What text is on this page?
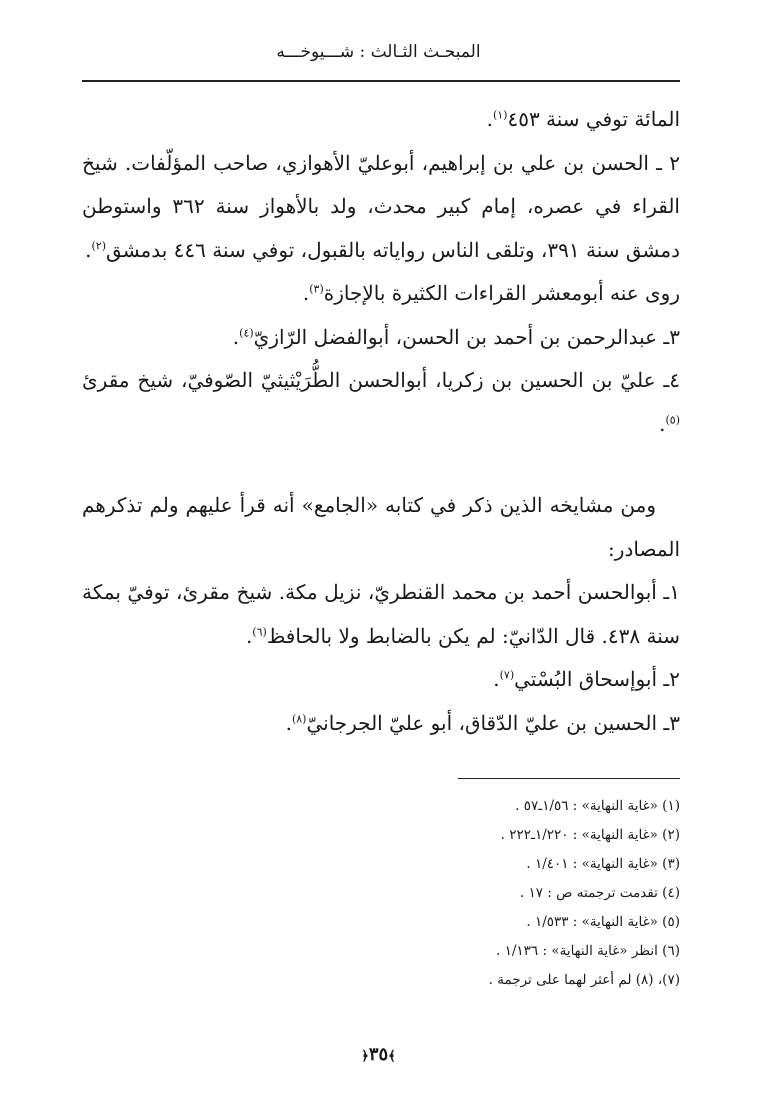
المبحـث الثـالث : شـــيوخـــه

المائة توفي سنة ٤٥٣$^{(١)}$.

٢ ـ الحسن بن علي بن إبراهيم، أبوعليّ الأهوازي، صاحب المؤلّفات. شيخ القراء في عصره، إمام كبير محدث، ولد بالأهواز سنة ٣٦٢ واستوطن دمشق سنة ٣٩١، وتلقى الناس رواياته بالقبول، توفي سنة ٤٤٦ بدمشق$^{(٢)}$.

روى عنه أبومعشر القراءات الكثيرة بالإجازة$^{(٣)}$.

٣ـ عبدالرحمن بن أحمد بن الحسن، أبوالفضل الرّازيّ$^{(٤)}$.

٤ـ عليّ بن الحسين بن زكريا، أبوالحسن الطُّرَيْثيثيّ الصّوفيّ، شيخ مقرئ $^{(٥)}$.

ومن مشايخه الذين ذكر في كتابه «الجامع» أنه قرأ عليهم ولم تذكرهم المصادر:

١ـ أبوالحسن أحمد بن محمد القنطريّ، نزيل مكة. شيخ مقرئ، توفيّ بمكة سنة ٤٣٨. قال الدّانيّ: لم يكن بالضابط ولا بالحافظ$^{(٦)}$.

٢ـ أبوإسحاق البُسْتي$^{(٧)}$.

٣ـ الحسين بن عليّ الدّقاق، أبو عليّ الجرجانيّ$^{(٨)}$.

(١) «غاية النهاية» : ١/٥٦ـ٥٧ .

(٢) «غاية النهاية» : ١/٢٢٠ـ٢٢٢ .

(٣) «غاية النهاية» : ١/٤٠١ .

(٤) تقدمت ترجمته ص : ١٧ .

(٥) «غاية النهاية» : ١/٥٣٣ .

(٦) انظر «غاية النهاية» : ١/١٣٦ .

(٧)، (٨) لم أعثر لهما على ترجمة .

﴾٣٥﴿
